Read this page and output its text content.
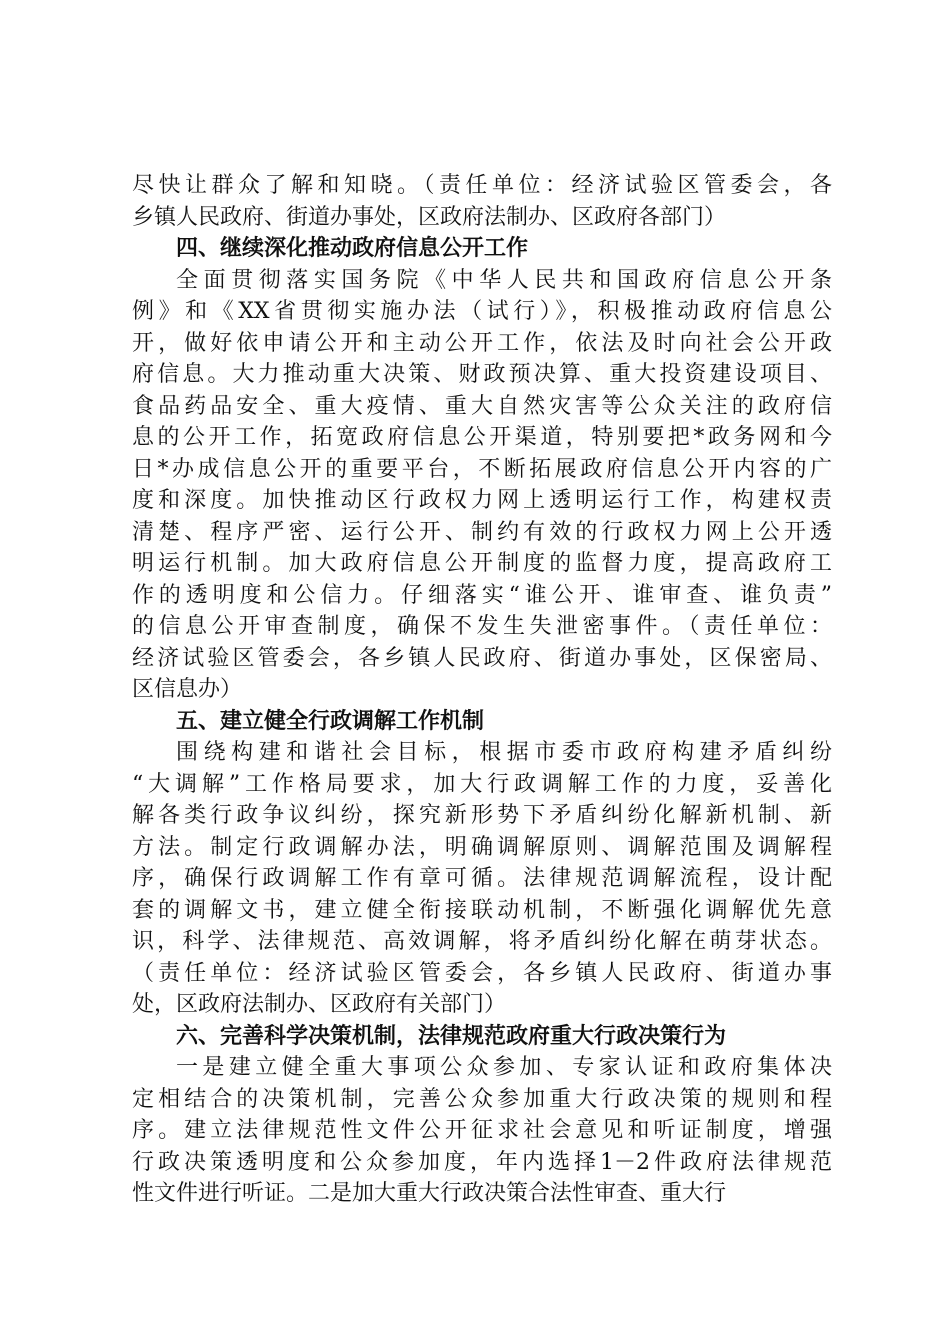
尽快让群众了解和知晓。（责任单位：经济试验区管委会，各
乡镇人民政府、街道办事处，区政府法制办、区政府各部门）
四、继续深化推动政府信息公开工作
全面贯彻落实国务院《中华人民共和国政府信息公开条
例》和《XX省贯彻实施办法（试行）》，积极推动政府信息公
开，做好依申请公开和主动公开工作，依法及时向社会公开政
府信息。大力推动重大决策、财政预决算、重大投资建设项目、
食品药品安全、重大疫情、重大自然灾害等公众关注的政府信
息的公开工作，拓宽政府信息公开渠道，特别要把*政务网和今
日*办成信息公开的重要平台，不断拓展政府信息公开内容的广
度和深度。加快推动区行政权力网上透明运行工作，构建权责
清楚、程序严密、运行公开、制约有效的行政权力网上公开透
明运行机制。加大政府信息公开制度的监督力度，提高政府工
作的透明度和公信力。仔细落实“谁公开、谁审查、谁负责”
的信息公开审查制度，确保不发生失泄密事件。（责任单位：
经济试验区管委会，各乡镇人民政府、街道办事处，区保密局、
区信息办）
五、建立健全行政调解工作机制
围绕构建和谐社会目标，根据市委市政府构建矛盾纠纷
“大调解”工作格局要求，加大行政调解工作的力度，妥善化
解各类行政争议纠纷，探究新形势下矛盾纠纷化解新机制、新
方法。制定行政调解办法，明确调解原则、调解范围及调解程
序，确保行政调解工作有章可循。法律规范调解流程，设计配
套的调解文书，建立健全衔接联动机制，不断强化调解优先意
识，科学、法律规范、高效调解，将矛盾纠纷化解在萌芽状态。
（责任单位：经济试验区管委会，各乡镇人民政府、街道办事
处，区政府法制办、区政府有关部门）
六、完善科学决策机制，法律规范政府重大行政决策行为
一是建立健全重大事项公众参加、专家认证和政府集体决
定相结合的决策机制，完善公众参加重大行政决策的规则和程
序。建立法律规范性文件公开征求社会意见和听证制度，增强
行政决策透明度和公众参加度，年内选择1－2件政府法律规范
性文件进行听证。二是加大重大行政决策合法性审查、重大行
